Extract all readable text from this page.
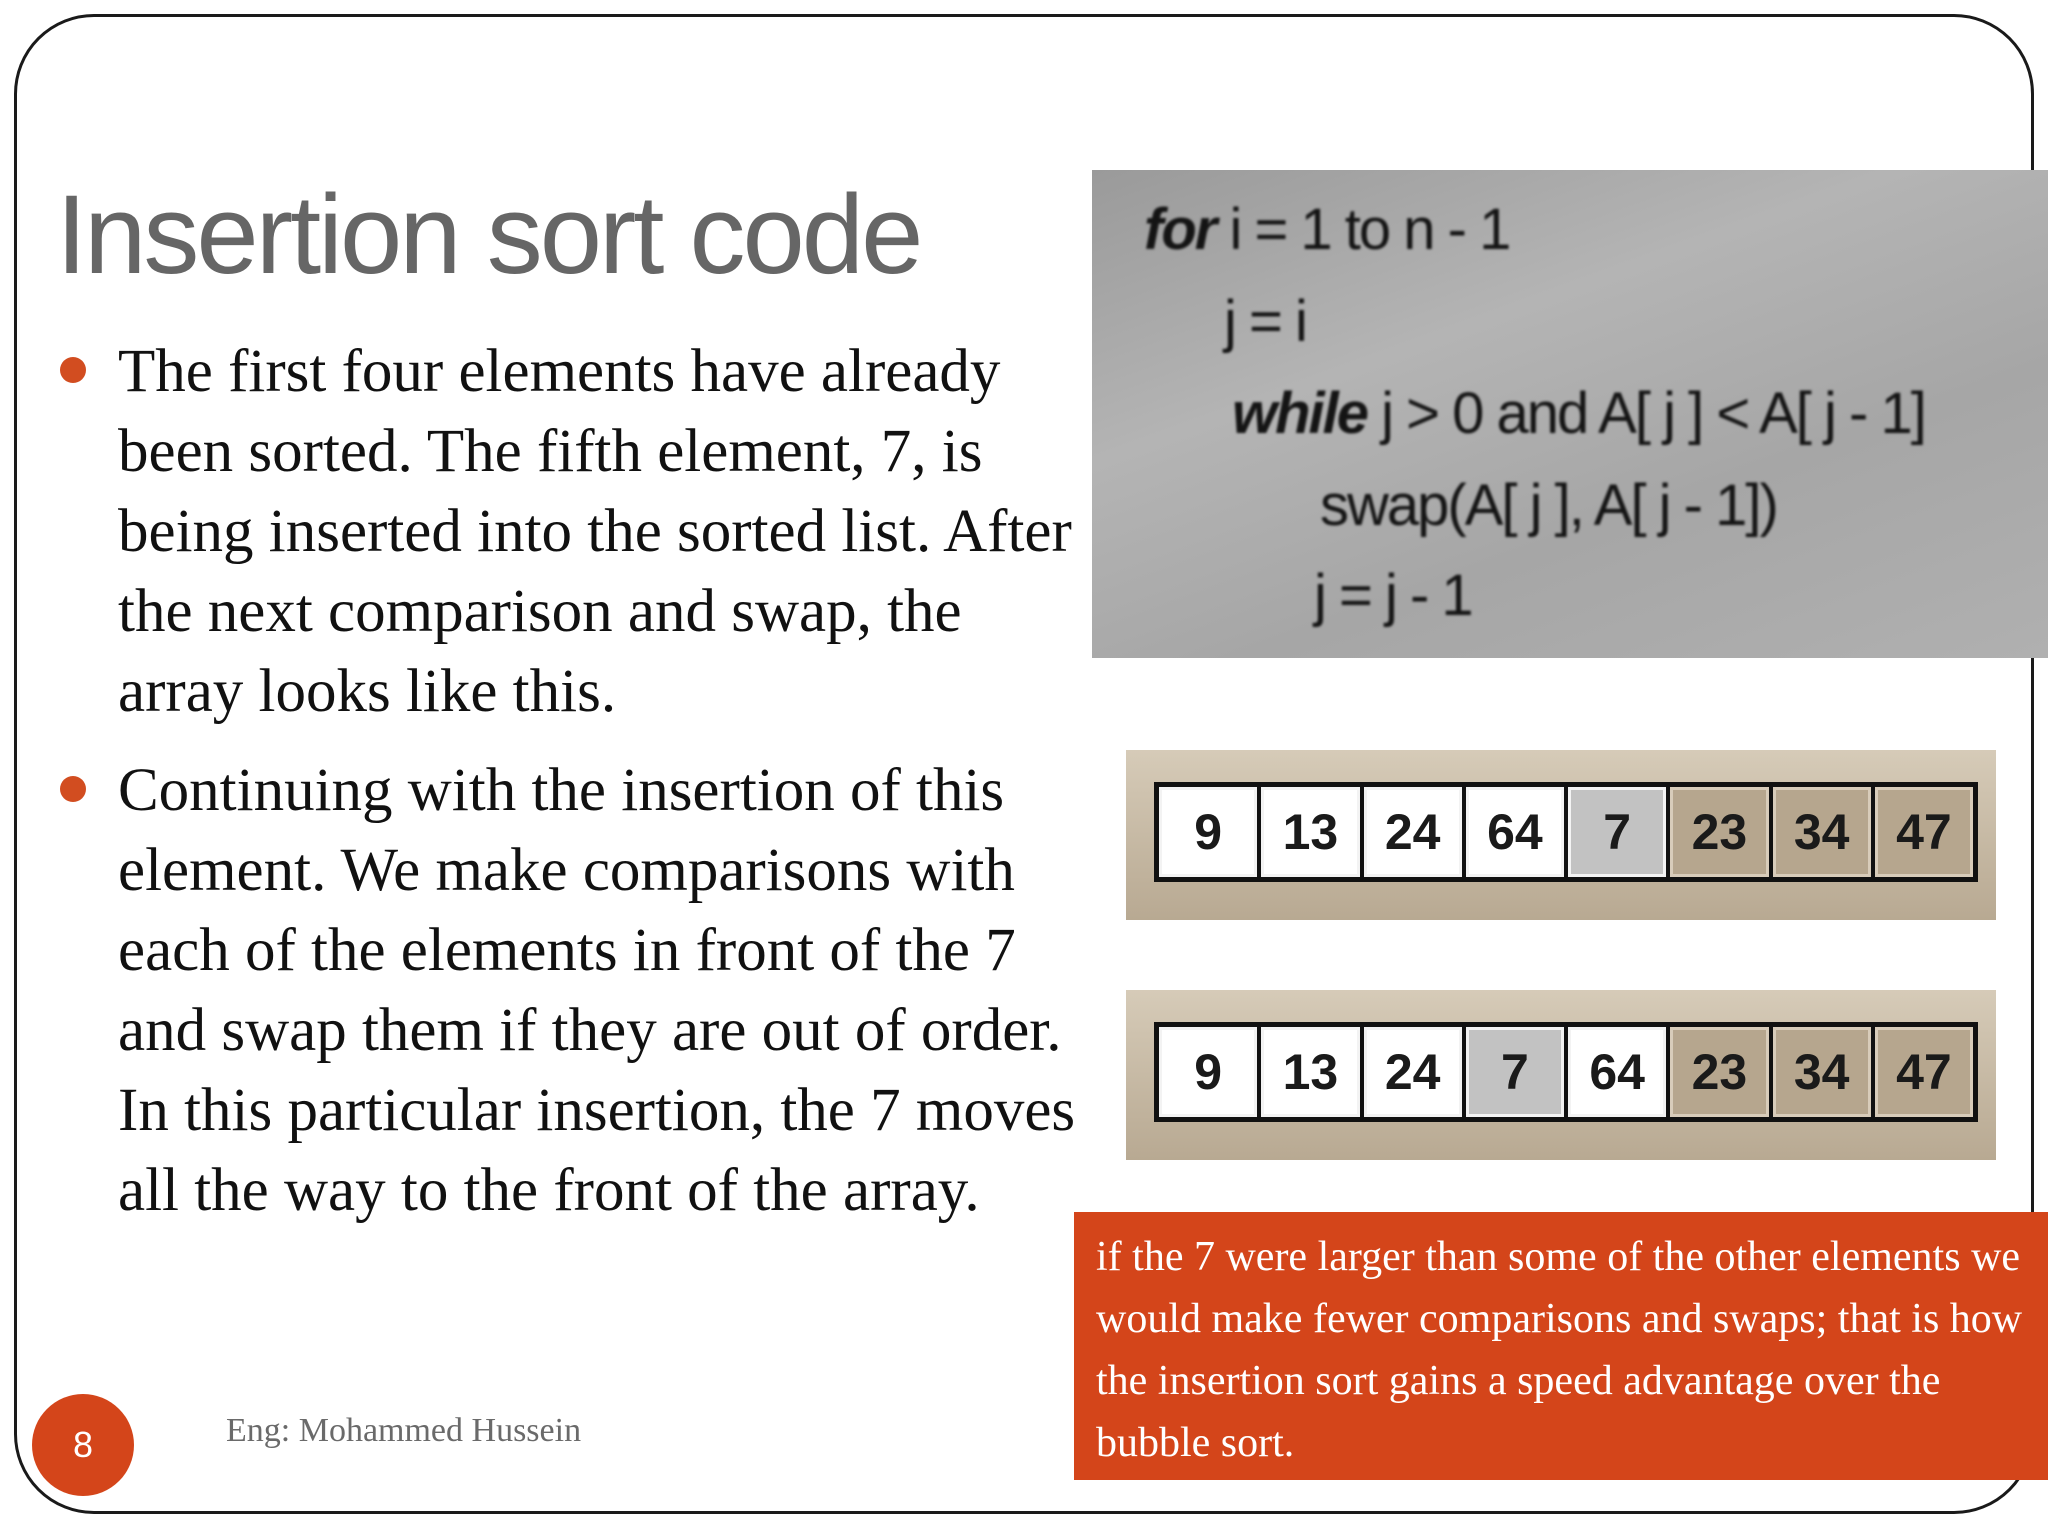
Insertion sort code
The first four elements have already been sorted. The fifth element, 7, is being inserted into the sorted list. After the next comparison and swap, the array looks like this.
Continuing with the insertion of this element. We make comparisons with each of the elements in front of the 7 and swap them if they are out of order. In this particular insertion, the 7 moves all the way to the front of the array.
for i = 1 to n - 1
j = i
while j > 0 and A[ j ] < A[ j - 1]
swap(A[ j ], A[ j - 1])
j = j - 1
9	13 24 64	7	23 34 47
9	13 24	7	64 23 34 47
if the 7 were larger than some of the other elements we would make fewer comparisons and swaps; that is how the insertion sort gains a speed advantage over the bubble sort.
8	Eng: Mohammed Hussein
